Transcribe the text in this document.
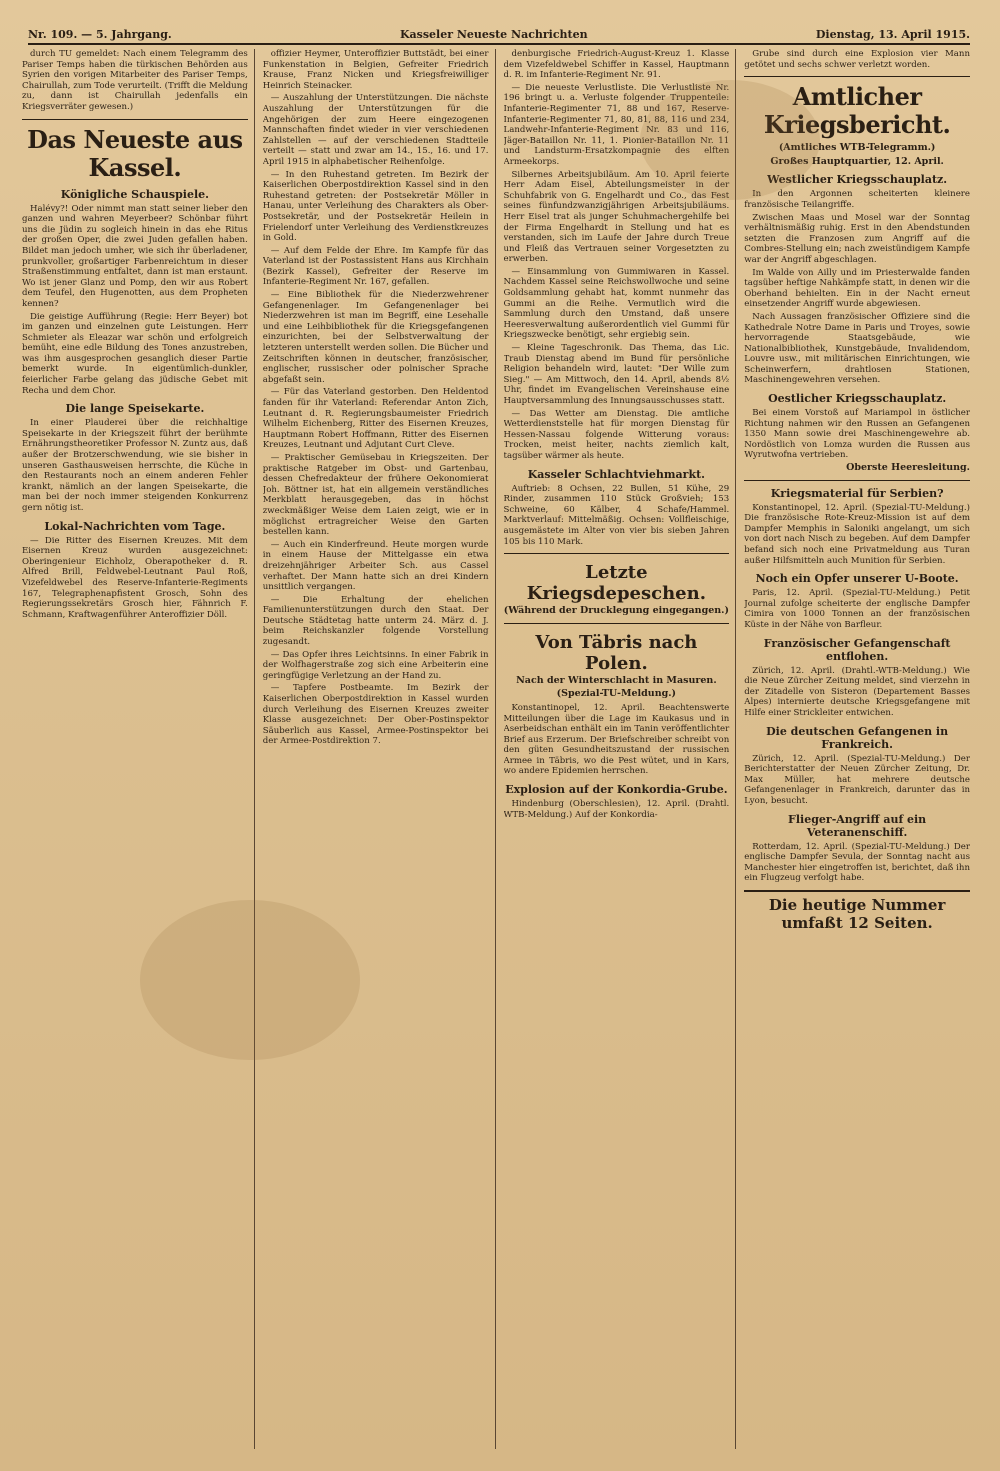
Nr. 109. — 5. Jahrgang.	Kasseler Neueste Nachrichten	Dienstag, 13. April 1915.

durch TU gemeldet: Nach einem Telegramm des Pariser Temps haben die türkischen Behörden aus Syrien den vorigen Mitarbeiter des Pariser Temps, Chairullah, zum Tode verurteilt. (Trifft die Meldung zu, dann ist Chairullah jedenfalls ein Kriegsverräter gewesen.)

Das Neueste aus Kassel.
Königliche Schauspiele.

Halévy?! Oder nimmt man statt seiner lieber den ganzen und wahren Meyerbeer? Schönbar führt uns die Jüdin zu sogleich hinein in das ehe Ritus der großen Oper, die zwei Juden gefallen haben. Bildet man jedoch umher, wie sich ihr überladener, prunkvoller, großartiger Farbenreichtum in dieser Straßenstimmung entfaltet, dann ist man erstaunt. Wo ist jener Glanz und Pomp, den wir aus Robert dem Teufel, den Hugenotten, aus dem Propheten kennen?

Die geistige Aufführung (Regie: Herr Beyer) bot im ganzen und einzelnen gute Leistungen. Herr Schmieter als Eleazar war schön und erfolgreich bemüht, eine edle Bildung des Tones anzustreben, was ihm ausgesprochen gesanglich dieser Partie bemerkt wurde. In eigentümlich-dunkler, feierlicher Farbe gelang das jüdische Gebet mit Recha und dem Chor.

Die lange Speisekarte.

In einer Plauderei über die reichhaltige Speisekarte in der Kriegszeit führt der berühmte Ernährungstheoretiker Professor N. Zuntz aus, daß außer der Brotzerschwendung, wie sie bisher in unseren Gasthausweisen herrschte, die Küche in den Restaurants noch an einem anderen Fehler krankt, nämlich an der langen Speisekarte, die man bei der noch immer steigenden Konkurrenz gern nötig ist.

Lokal-Nachrichten vom Tage.

— Die Ritter des Eisernen Kreuzes. Mit dem Eisernen Kreuz wurden ausgezeichnet: Oberingenieur Eichholz, Oberapotheker d. R. Alfred Brill, Feldwebel-Leutnant Paul Roß, Vizefeldwebel des Reserve-Infanterie-Regiments 167, Telegraphenapfistent Grosch, Sohn des Regierungssekretärs Grosch hier, Fähnrich F. Schmann, Kraftwagenführer Anteroffizier Döll.

offizier Heymer, Unteroffizier Buttstädt, bei einer Funkenstation in Belgien, Gefreiter Friedrich Krause, Franz Nicken und Kriegsfreiwilliger Heinrich Steinacker.

— Auszahlung der Unterstützungen. Die nächste Auszahlung der Unterstützungen für die Angehörigen der zum Heere eingezogenen Mannschaften findet wieder in vier verschiedenen Zahlstellen — auf der verschiedenen Stadtteile verteilt — statt und zwar am 14., 15., 16. und 17. April 1915 in alphabetischer Reihenfolge.

— In den Ruhestand getreten. Im Bezirk der Kaiserlichen Oberpostdirektion Kassel sind in den Ruhestand getreten: der Postsekretär Möller in Hanau, unter Verleihung des Charakters als Ober-Postsekretär, und der Postsekretär Heilein in Frielendorf unter Verleihung des Verdienstkreuzes in Gold.

— Auf dem Felde der Ehre. Im Kampfe für das Vaterland ist der Postassistent Hans aus Kirchhain (Bezirk Kassel), Gefreiter der Reserve im Infanterie-Regiment Nr. 167, gefallen.

— Eine Bibliothek für die Niederzwehrener Gefangenenlager. Im Gefangenenlager bei Niederzwehren ist man im Begriff, eine Lesehalle und eine Leihbibliothek für die Kriegsgefangenen einzurichten, bei der Selbstverwaltung der letzteren unterstellt werden sollen. Die Bücher und Zeitschriften können in deutscher, französischer, englischer, russischer oder polnischer Sprache abgefaßt sein.

— Für das Vaterland gestorben. Den Heldentod fanden für ihr Vaterland: Referendar Anton Zich, Leutnant d. R. Regierungsbaumeister Friedrich Wilhelm Eichenberg, Ritter des Eisernen Kreuzes, Hauptmann Robert Hoffmann, Ritter des Eisernen Kreuzes, Leutnant und Adjutant Curt Cleve.

— Praktischer Gemüsebau in Kriegszeiten. Der praktische Ratgeber im Obst- und Gartenbau, dessen Chefredakteur der frühere Oekonomierat Joh. Böttner ist, hat ein allgemein verständliches Merkblatt herausgegeben, das in höchst zweckmäßiger Weise dem Laien zeigt, wie er in möglichst ertragreicher Weise den Garten bestellen kann.

— Auch ein Kinderfreund. Heute morgen wurde in einem Hause der Mittelgasse ein etwa dreizehnjähriger Arbeiter Sch. aus Cassel verhaftet. Der Mann hatte sich an drei Kindern unsittlich vergangen.

— Die Erhaltung der ehelichen Familienunterstützungen durch den Staat. Der Deutsche Städtetag hatte unterm 24. März d. J. beim Reichskanzler folgende Vorstellung zugesandt.

— Das Opfer ihres Leichtsinns. In einer Fabrik in der Wolfhagerstraße zog sich eine Arbeiterin eine geringfügige Verletzung an der Hand zu.

— Tapfere Postbeamte. Im Bezirk der Kaiserlichen Oberpostdirektion in Kassel wurden durch Verleihung des Eisernen Kreuzes zweiter Klasse ausgezeichnet: Der Ober-Postinspektor Säuberlich aus Kassel, Armee-Postinspektor bei der Armee-Postdirektion 7.

denburgische Friedrich-August-Kreuz 1. Klasse dem Vizefeldwebel Schiffer in Kassel, Hauptmann d. R. im Infanterie-Regiment Nr. 91.

— Die neueste Verlustliste. Die Verlustliste Nr. 196 bringt u. a. Verluste folgender Truppenteile: Infanterie-Regimenter 71, 88 und 167, Reserve-Infanterie-Regimenter 71, 80, 81, 88, 116 und 234, Landwehr-Infanterie-Regiment Nr. 83 und 116, Jäger-Bataillon Nr. 11, 1. Pionier-Bataillon Nr. 11 und Landsturm-Ersatzkompagnie des elften Armeekorps.

Silbernes Arbeitsjubiläum. Am 10. April feierte Herr Adam Eisel, Abteilungsmeister in der Schuhfabrik von G. Engelhardt und Co., das Fest seines fünfundzwanzigjährigen Arbeitsjubiläums. Herr Eisel trat als junger Schuhmachergehilfe bei der Firma Engelhardt in Stellung und hat es verstanden, sich im Laufe der Jahre durch Treue und Fleiß das Vertrauen seiner Vorgesetzten zu erwerben.

— Einsammlung von Gummiwaren in Kassel. Nachdem Kassel seine Reichswollwoche und seine Goldsammlung gehabt hat, kommt nunmehr das Gummi an die Reihe. Vermutlich wird die Sammlung durch den Umstand, daß unsere Heeresverwaltung außerordentlich viel Gummi für Kriegszwecke benötigt, sehr ergiebig sein.

— Kleine Tageschronik. Das Thema, das Lic. Traub Dienstag abend im Bund für persönliche Religion behandeln wird, lautet: "Der Wille zum Sieg." — Am Mittwoch, den 14. April, abends 8½ Uhr, findet im Evangelischen Vereinshause eine Hauptversammlung des Innungsausschusses statt.

— Das Wetter am Dienstag. Die amtliche Wetterdienststelle hat für morgen Dienstag für Hessen-Nassau folgende Witterung voraus: Trocken, meist heiter, nachts ziemlich kalt, tagsüber wärmer als heute.

Kasseler Schlachtviehmarkt.

Auftrieb: 8 Ochsen, 22 Bullen, 51 Kühe, 29 Rinder, zusammen 110 Stück Großvieh; 153 Schweine, 60 Kälber, 4 Schafe/Hammel. Marktverlauf: Mittelmäßig. Ochsen: Vollfleischige, ausgemästete im Alter von vier bis sieben Jahren 105 bis 110 Mark.

Letzte Kriegsdepeschen.
(Während der Drucklegung eingegangen.)
Von Täbris nach Polen.
Nach der Winterschlacht in Masuren.
(Spezial-TU-Meldung.)

Konstantinopel, 12. April. Beachtenswerte Mitteilungen über die Lage im Kaukasus und in Aserbeidschan enthält ein im Tanin veröffentlichter Brief aus Erzerum. Der Briefschreiber schreibt von den güten Gesundheitszustand der russischen Armee in Täbris, wo die Pest wütet, und in Kars, wo andere Epidemien herrschen.

Explosion auf der Konkordia-Grube.

Hindenburg (Oberschlesien), 12. April. (Drahtl. WTB-Meldung.) Auf der Konkordia-

Grube sind durch eine Explosion vier Mann getötet und sechs schwer verletzt worden.

Amtlicher Kriegsbericht.
(Amtliches WTB-Telegramm.)
Großes Hauptquartier, 12. April.
Westlicher Kriegsschauplatz.

In den Argonnen scheiterten kleinere französische Teilangriffe.

Zwischen Maas und Mosel war der Sonntag verhältnismäßig ruhig. Erst in den Abendstunden setzten die Franzosen zum Angriff auf die Combres-Stellung ein; nach zweistündigem Kampfe war der Angriff abgeschlagen.

Im Walde von Ailly und im Priesterwalde fanden tagsüber heftige Nahkämpfe statt, in denen wir die Oberhand behielten. Ein in der Nacht erneut einsetzender Angriff wurde abgewiesen.

Nach Aussagen französischer Offiziere sind die Kathedrale Notre Dame in Paris und Troyes, sowie hervorragende Staatsgebäude, wie Nationalbibliothek, Kunstgebäude, Invalidendom, Louvre usw., mit militärischen Einrichtungen, wie Scheinwerfern, drahtlosen Stationen, Maschinengewehren versehen.

Oestlicher Kriegsschauplatz.

Bei einem Vorstoß auf Mariampol in östlicher Richtung nahmen wir den Russen an Gefangenen 1350 Mann sowie drei Maschinengewehre ab. Nordöstlich von Lomza wurden die Russen aus Wyrutwofna vertrieben.

Oberste Heeresleitung.
Kriegsmaterial für Serbien?

Konstantinopel, 12. April. (Spezial-TU-Meldung.) Die französische Rote-Kreuz-Mission ist auf dem Dampfer Memphis in Saloniki angelangt, um sich von dort nach Nisch zu begeben. Auf dem Dampfer befand sich noch eine Privatmeldung aus Turan außer Hilfsmitteln auch Munition für Serbien.

Noch ein Opfer unserer U-Boote.

Paris, 12. April. (Spezial-TU-Meldung.) Petit Journal zufolge scheiterte der englische Dampfer Cimira von 1000 Tonnen an der französischen Küste in der Nähe von Barfleur.

Französischer Gefangenschaft entflohen.

Zürich, 12. April. (Drahtl.-WTB-Meldung.) Wie die Neue Zürcher Zeitung meldet, sind vierzehn in der Zitadelle von Sisteron (Departement Basses Alpes) internierte deutsche Kriegsgefangene mit Hilfe einer Strickleiter entwichen.

Die deutschen Gefangenen in Frankreich.

Zürich, 12. April. (Spezial-TU-Meldung.) Der Berichterstatter der Neuen Zürcher Zeitung, Dr. Max Müller, hat mehrere deutsche Gefangenenlager in Frankreich, darunter das in Lyon, besucht.

Flieger-Angriff auf ein Veteranenschiff.

Rotterdam, 12. April. (Spezial-TU-Meldung.) Der englische Dampfer Sevula, der Sonntag nacht aus Manchester hier eingetroffen ist, berichtet, daß ihn ein Flugzeug verfolgt habe.

Die heutige Nummer umfaßt 12 Seiten.
